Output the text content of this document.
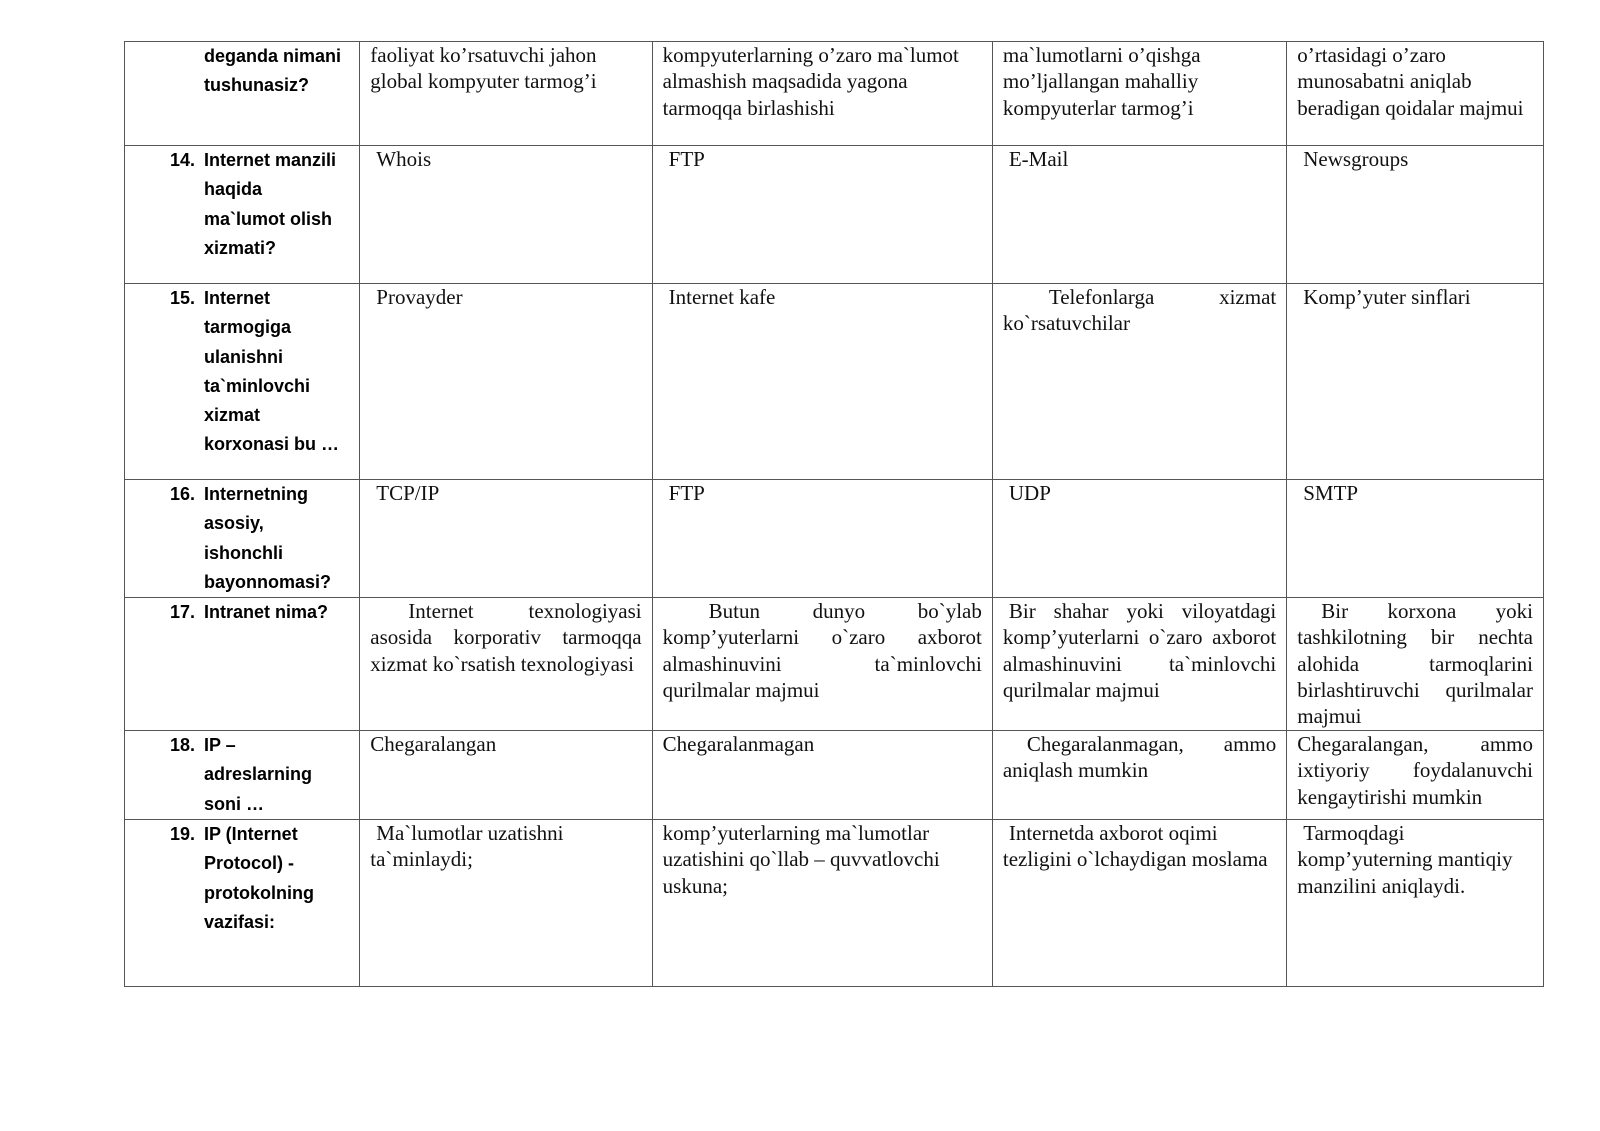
deganda nimani tushunasiz?	faoliyat ko’rsatuvchi jahon global kompyuter tarmog’i	kompyuterlarning o’zaro ma`lumot almashish maqsadida yagona tarmoqqa birlashishi	ma`lumotlarni o’qishga mo’ljallangan mahalliy kompyuterlar tarmog’i	o’rtasidagi o’zaro munosabatni aniqlab beradigan qoidalar majmui

14. Internet manzili haqida ma`lumot olish xizmati?	Whois	FTP	E-Mail	Newsgroups

15. Internet tarmogiga ulanishni ta`minlovchi xizmat korxonasi bu …	Provayder	Internet kafe	Telefonlarga xizmat ko`rsatuvchilar	Komp’yuter sinflari

16. Internetning asosiy, ishonchli bayonnomasi?	TCP/IP	FTP	UDP	SMTP

17. Intranet nima?	Internet texnologiyasi asosida korporativ tarmoqqa xizmat ko`rsatish texnologiyasi	Butun dunyo bo`ylab komp’yuterlarni o`zaro axborot almashinuvini ta`minlovchi qurilmalar majmui	Bir shahar yoki viloyatdagi komp’yuterlarni o`zaro axborot almashinuvini ta`minlovchi qurilmalar majmui	Bir korxona yoki tashkilotning bir nechta alohida tarmoqlarini birlashtiruvchi qurilmalar majmui

18. IP – adreslarning soni …	Chegaralangan	Chegaralanmagan	Chegaralanmagan, ammo aniqlash mumkin	Chegaralangan, ammo ixtiyoriy foydalanuvchi kengaytirishi mumkin

19. IP (Internet Protocol) - protokolning vazifasi:	Ma`lumotlar uzatishni ta`minlaydi;	komp’yuterlarning ma`lumotlar uzatishini qo`llab – quvvatlovchi uskuna;	Internetda axborot oqimi tezligini o`lchaydigan moslama	Tarmoqdagi komp’yuterning mantiqiy manzilini aniqlaydi.
